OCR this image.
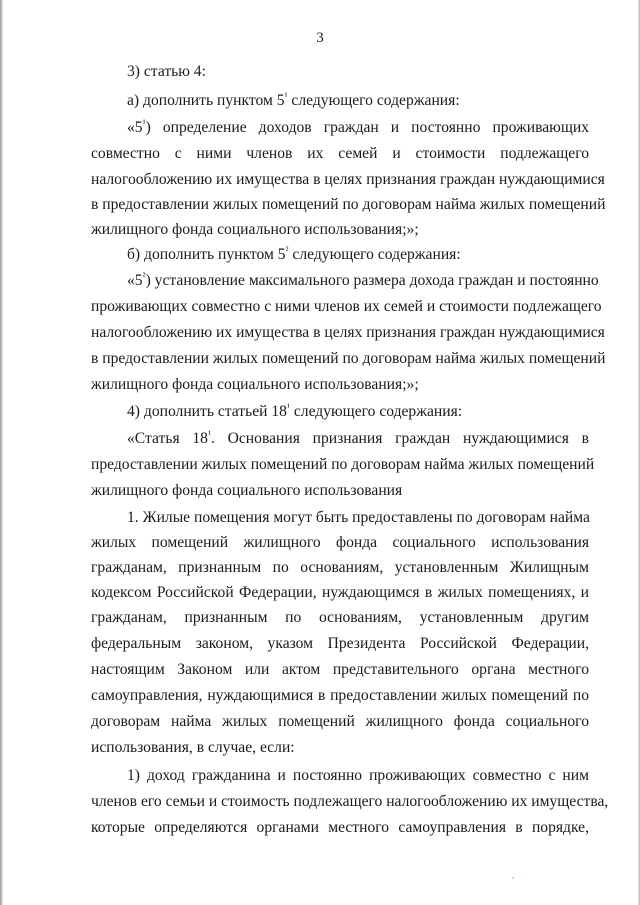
3
3) статью 4:
а) дополнить пунктом $5^{^1}$ следующего содержания:
«$5^{^1}$) определение доходов граждан и постоянно проживающих
совместно с ними членов их семей и стоимости подлежащего
налогообложению их имущества в целях признания граждан нуждающимися
в предоставлении жилых помещений по договорам найма жилых помещений
жилищного фонда социального использования;»;
б) дополнить пунктом $5^{^2}$ следующего содержания:
«$5^{^2}$) установление максимального размера дохода граждан и постоянно
проживающих совместно с ними членов их семей и стоимости подлежащего
налогообложению их имущества в целях признания граждан нуждающимися
в предоставлении жилых помещений по договорам найма жилых помещений
жилищного фонда социального использования;»;
4) дополнить статьей $18^{^1}$ следующего содержания:
«Статья $18^{^1}$. Основания признания граждан нуждающимися в
предоставлении жилых помещений по договорам найма жилых помещений
жилищного фонда социального использования
1. Жилые помещения могут быть предоставлены по договорам найма
жилых помещений жилищного фонда социального использования
гражданам, признанным по основаниям, установленным Жилищным
кодексом Российской Федерации, нуждающимся в жилых помещениях, и
гражданам, признанным по основаниям, установленным другим
федеральным законом, указом Президента Российской Федерации,
настоящим Законом или актом представительного органа местного
самоуправления, нуждающимися в предоставлении жилых помещений по
договорам найма жилых помещений жилищного фонда социального
использования, в случае, если:
1) доход гражданина и постоянно проживающих совместно с ним
членов его семьи и стоимость подлежащего налогообложению их имущества,
которые определяются органами местного самоуправления в порядке,
